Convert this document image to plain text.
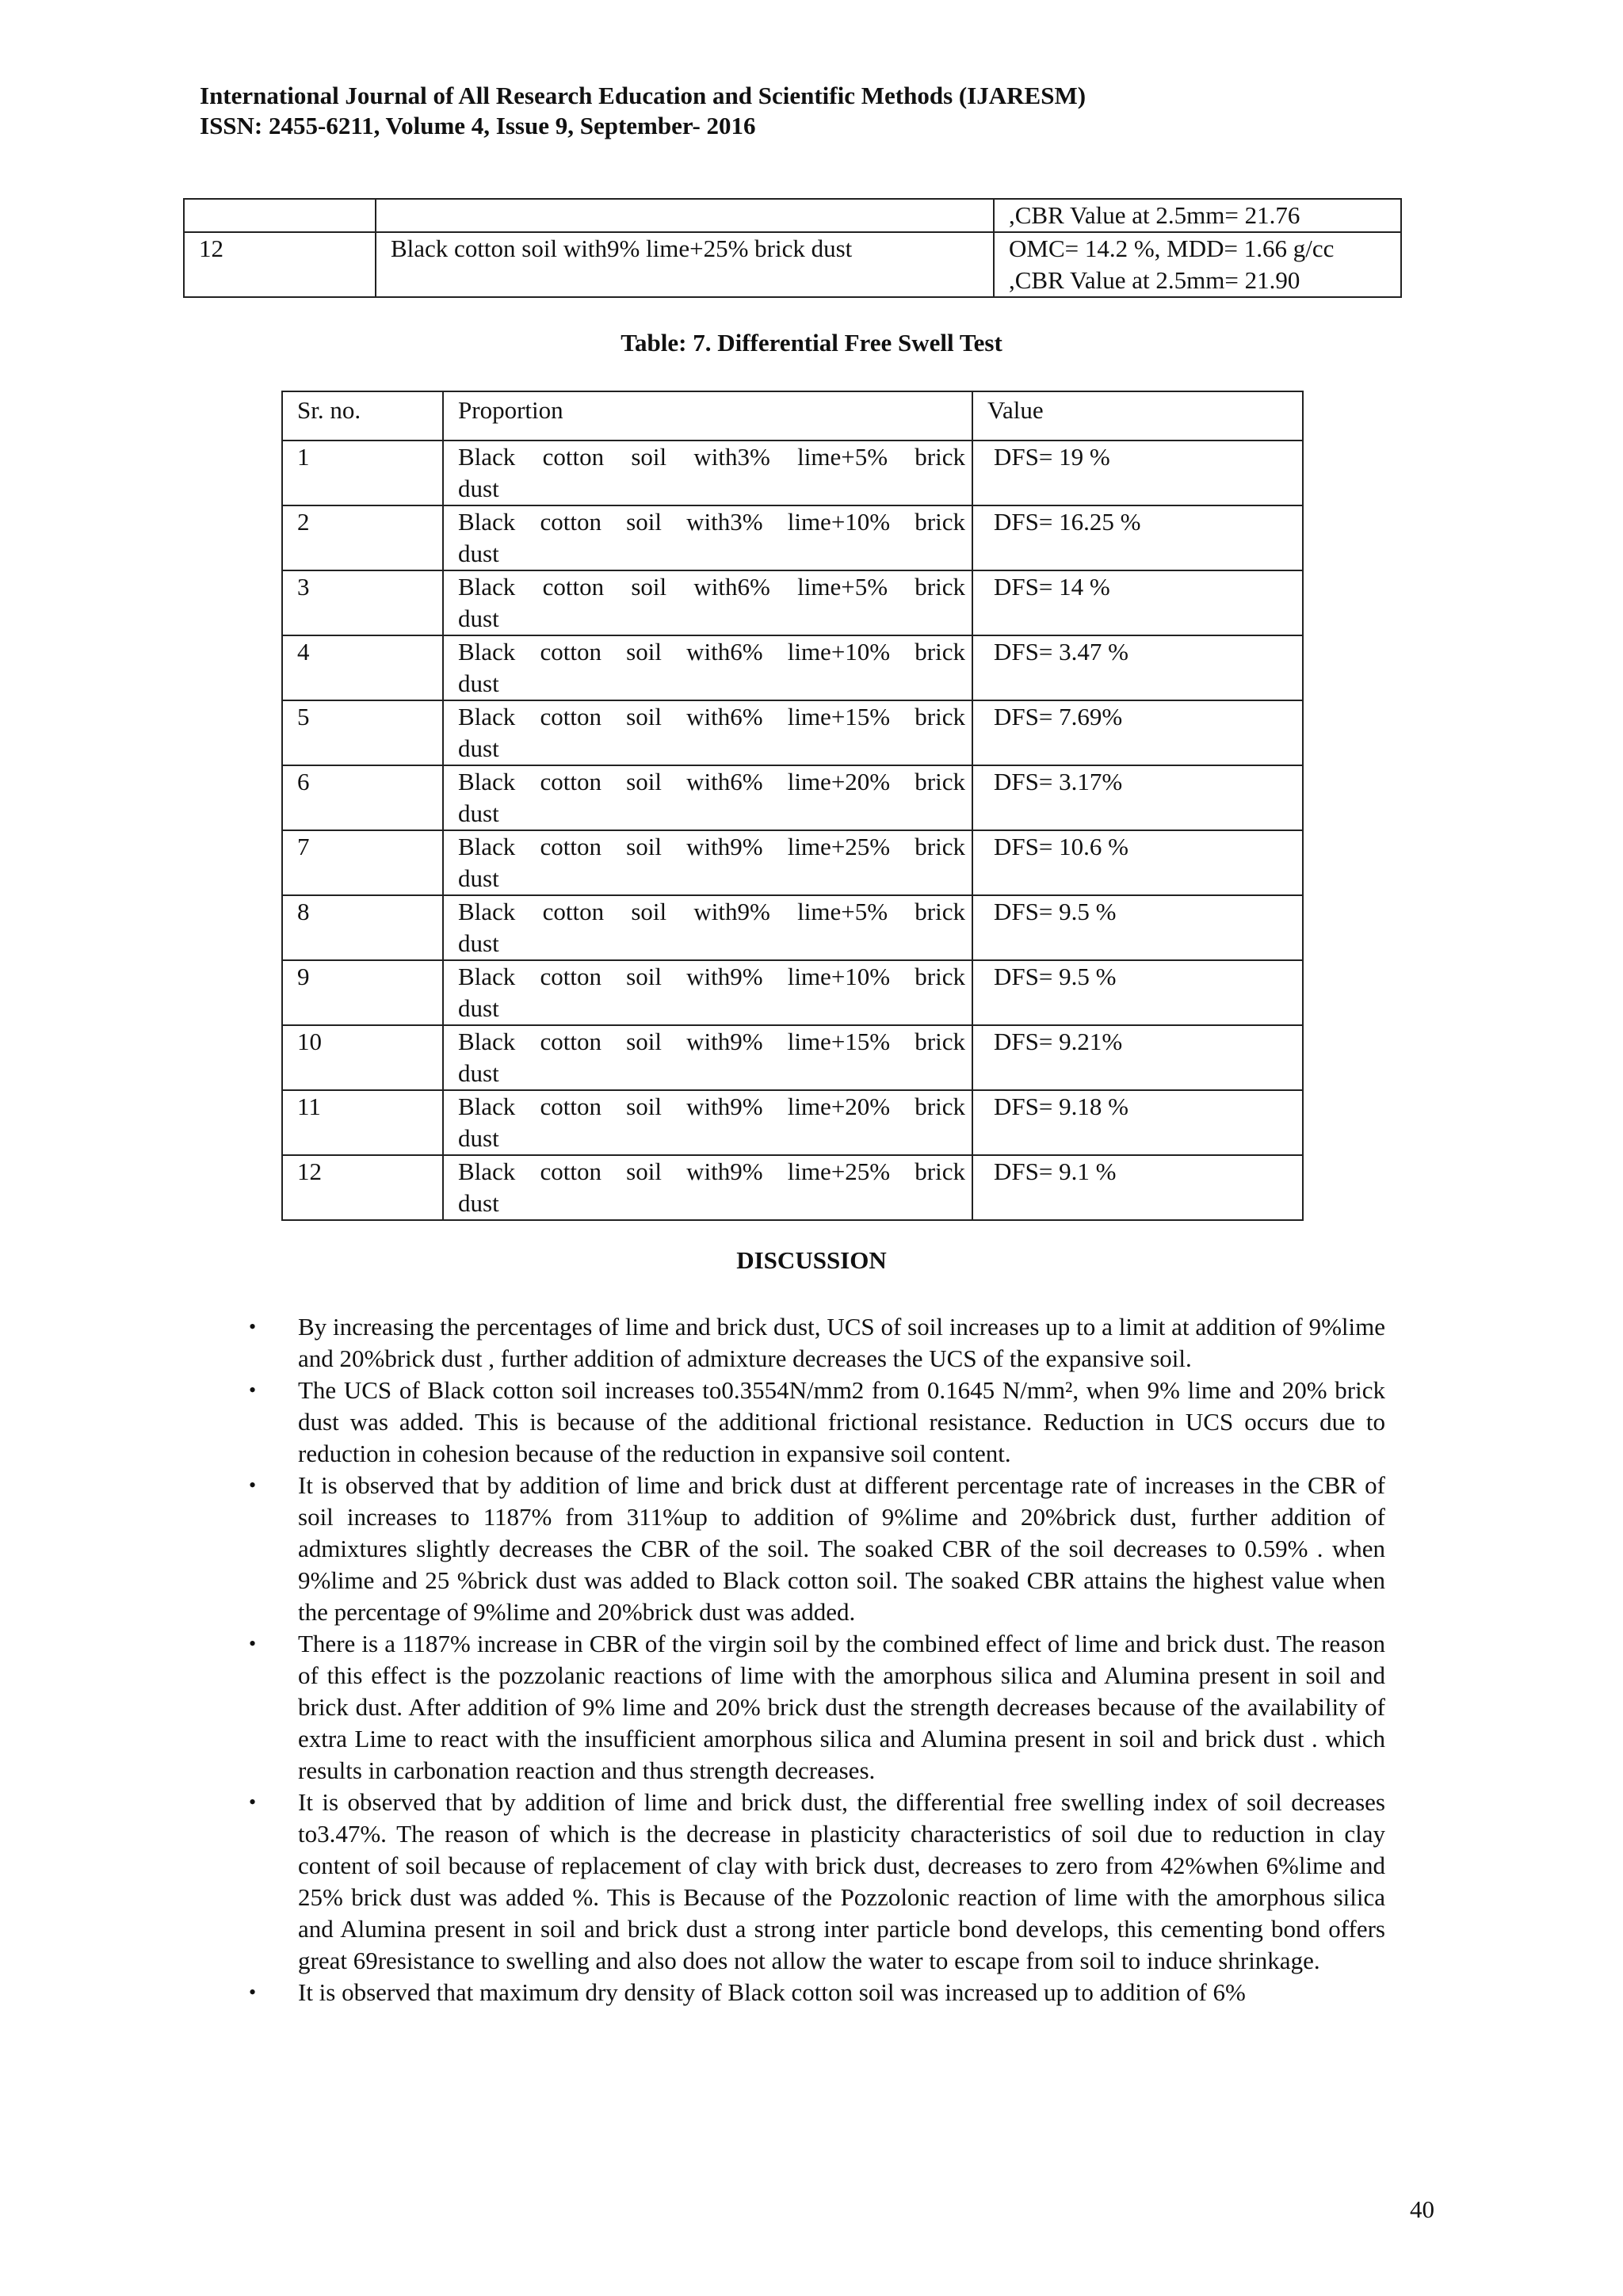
International Journal of All Research Education and Scientific Methods (IJARESM)
ISSN: 2455-6211, Volume 4, Issue 9, September- 2016

		,CBR Value at 2.5mm= 21.76

12	Black cotton soil with9% lime+25% brick dust	OMC= 14.2 %, MDD= 1.66 g/cc
,CBR Value at 2.5mm= 21.90
Table: 7. Differential Free Swell Test
Sr. no.	Proportion	Value
1	Black cotton soil with3% lime+5% brick
dust	DFS= 19 %
2	Black cotton soil with3% lime+10% brick
dust	DFS= 16.25 %
3	Black cotton soil with6% lime+5% brick
dust	DFS= 14 %
4	Black cotton soil with6% lime+10% brick
dust	DFS= 3.47 %
5	Black cotton soil with6% lime+15% brick
dust	DFS= 7.69%
6	Black cotton soil with6% lime+20% brick
dust	DFS= 3.17%
7	Black cotton soil with9% lime+25% brick
dust	DFS= 10.6 %
8	Black cotton soil with9% lime+5% brick
dust	DFS= 9.5 %
9	Black cotton soil with9% lime+10% brick
dust	DFS= 9.5 %
10	Black cotton soil with9% lime+15% brick
dust	DFS= 9.21%
11	Black cotton soil with9% lime+20% brick
dust	DFS= 9.18 %
12	Black cotton soil with9% lime+25% brick
dust	DFS= 9.1 %
DISCUSSION
• By increasing the percentages of lime and brick dust, UCS of soil increases up to a limit at addition of 9%lime and 20%brick dust , further addition of admixture decreases the UCS of the expansive soil.
• The UCS of Black cotton soil increases to0.3554N/mm2 from 0.1645 N/mm², when 9% lime and 20% brick dust was added. This is because of the additional frictional resistance. Reduction in UCS occurs due to reduction in cohesion because of the reduction in expansive soil content.
• It is observed that by addition of lime and brick dust at different percentage rate of increases in the CBR of soil increases to 1187% from 311%up to addition of 9%lime and 20%brick dust, further addition of admixtures slightly decreases the CBR of the soil. The soaked CBR of the soil decreases to 0.59% . when 9%lime and 25 %brick dust was added to Black cotton soil. The soaked CBR attains the highest value when the percentage of 9%lime and 20%brick dust was added.
• There is a 1187% increase in CBR of the virgin soil by the combined effect of lime and brick dust. The reason of this effect is the pozzolanic reactions of lime with the amorphous silica and Alumina present in soil and brick dust. After addition of 9% lime and 20% brick dust the strength decreases because of the availability of extra Lime to react with the insufficient amorphous silica and Alumina present in soil and brick dust . which results in carbonation reaction and thus strength decreases.
• It is observed that by addition of lime and brick dust, the differential free swelling index of soil decreases to3.47%. The reason of which is the decrease in plasticity characteristics of soil due to reduction in clay content of soil because of replacement of clay with brick dust, decreases to zero from 42%when 6%lime and 25% brick dust was added %. This is Because of the Pozzolonic reaction of lime with the amorphous silica and Alumina present in soil and brick dust a strong inter particle bond develops, this cementing bond offers great 69resistance to swelling and also does not allow the water to escape from soil to induce shrinkage.
• It is observed that maximum dry density of Black cotton soil was increased up to addition of 6%
40
